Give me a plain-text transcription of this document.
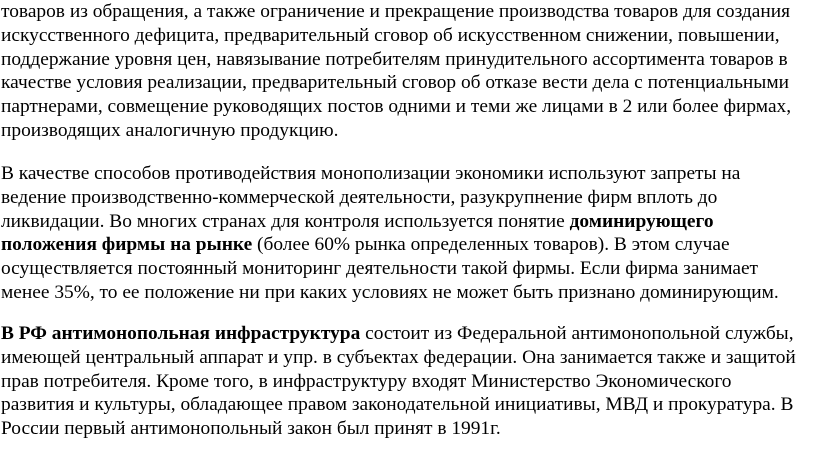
товаров из обращения, а также ограничение и прекращение производства товаров для создания
искусственного дефицита, предварительный сговор об искусственном снижении, повышении,
поддержание уровня цен, навязывание потребителям принудительного ассортимента товаров в
качестве условия реализации, предварительный сговор об отказе вести дела с потенциальными
партнерами, совмещение руководящих постов одними и теми же лицами в 2 или более фирмах,
производящих аналогичную продукцию.
В качестве способов противодействия монополизации экономики используют запреты на
ведение производственно-коммерческой деятельности, разукрупнение фирм вплоть до
ликвидации. Во многих странах для контроля используется понятие доминирующего
положения фирмы на рынке (более 60% рынка определенных товаров). В этом случае
осуществляется постоянный мониторинг деятельности такой фирмы. Если фирма занимает
менее 35%, то ее положение ни при каких условиях не может быть признано доминирующим.
В РФ антимонопольная инфраструктура состоит из Федеральной антимонопольной службы,
имеющей центральный аппарат и упр. в субъектах федерации. Она занимается также и защитой
прав потребителя. Кроме того, в инфраструктуру входят Министерство Экономического
развития и культуры, обладающее правом законодательной инициативы, МВД и прокуратура. В
России первый антимонопольный закон был принят в 1991г.
